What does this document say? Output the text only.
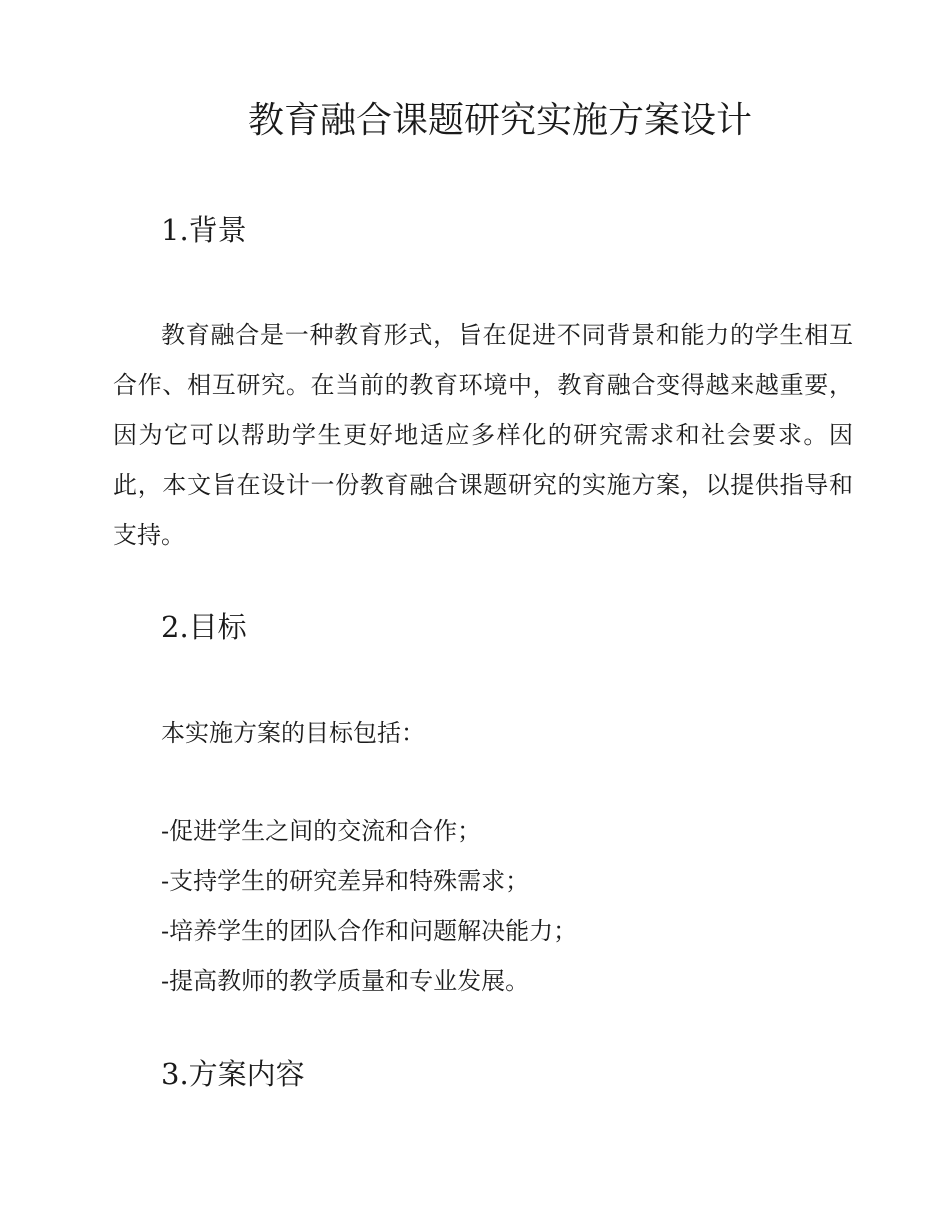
教育融合课题研究实施方案设计
1.背景

教育融合是一种教育形式，旨在促进不同背景和能力的学生相互合作、相互研究。在当前的教育环境中，教育融合变得越来越重要，因为它可以帮助学生更好地适应多样化的研究需求和社会要求。因此，本文旨在设计一份教育融合课题研究的实施方案，以提供指导和支持。

2.目标

本实施方案的目标包括：

-促进学生之间的交流和合作；

-支持学生的研究差异和特殊需求；

-培养学生的团队合作和问题解决能力；

-提高教师的教学质量和专业发展。

3.方案内容
